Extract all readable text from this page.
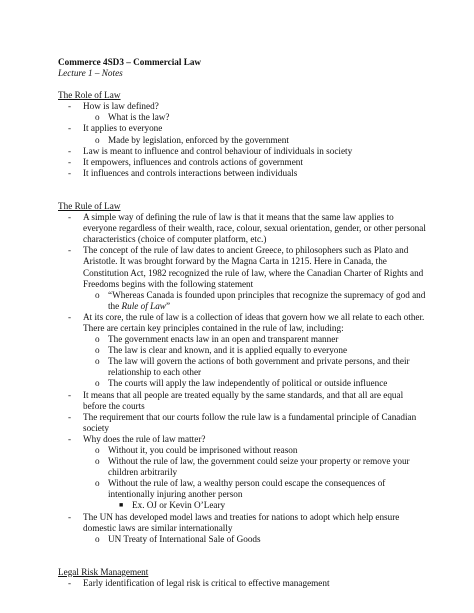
Commerce 4SD3 – Commercial Law
Lecture 1 – Notes
The Role of Law
- How is law defined?
o What is the law?
- It applies to everyone
o Made by legislation, enforced by the government
- Law is meant to influence and control behaviour of individuals in society
- It empowers, influences and controls actions of government
- It influences and controls interactions between individuals
The Rule of Law
- A simple way of defining the rule of law is that it means that the same law applies to everyone regardless of their wealth, race, colour, sexual orientation, gender, or other personal characteristics (choice of computer platform, etc.)
- The concept of the rule of law dates to ancient Greece, to philosophers such as Plato and Aristotle. It was brought forward by the Magna Carta in 1215. Here in Canada, the Constitution Act, 1982 recognized the rule of law, where the Canadian Charter of Rights and Freedoms begins with the following statement
o “Whereas Canada is founded upon principles that recognize the supremacy of god and the Rule of Law”
- At its core, the rule of law is a collection of ideas that govern how we all relate to each other. There are certain key principles contained in the rule of law, including:
o The government enacts law in an open and transparent manner
o The law is clear and known, and it is applied equally to everyone
o The law will govern the actions of both government and private persons, and their relationship to each other
o The courts will apply the law independently of political or outside influence
- It means that all people are treated equally by the same standards, and that all are equal before the courts
- The requirement that our courts follow the rule law is a fundamental principle of Canadian society
- Why does the rule of law matter?
o Without it, you could be imprisoned without reason
o Without the rule of law, the government could seize your property or remove your children arbitrarily
o Without the rule of law, a wealthy person could escape the consequences of intentionally injuring another person
■ Ex. OJ or Kevin O’Leary
- The UN has developed model laws and treaties for nations to adopt which help ensure domestic laws are similar internationally
o UN Treaty of International Sale of Goods
Legal Risk Management
- Early identification of legal risk is critical to effective management
